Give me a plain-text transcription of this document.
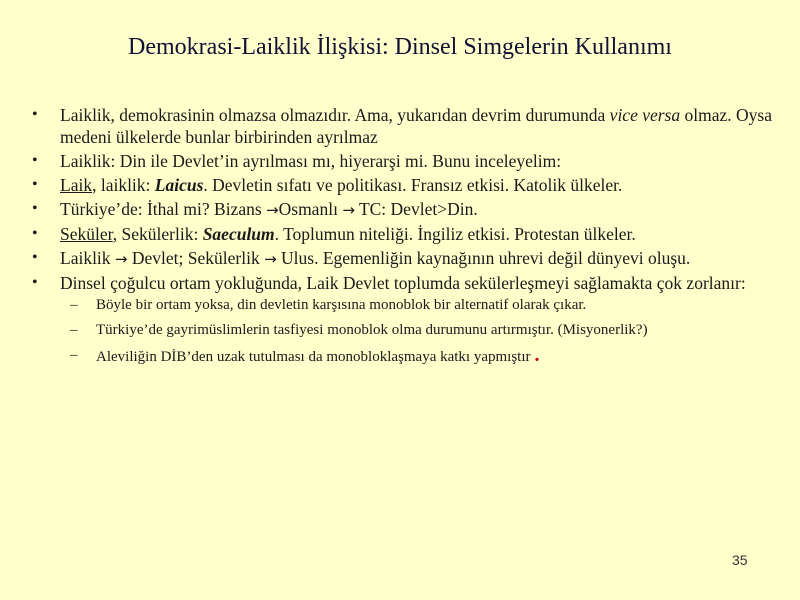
Demokrasi-Laiklik İlişkisi: Dinsel Simgelerin Kullanımı
• Laiklik, demokrasinin olmazsa olmazıdır. Ama, yukarıdan devrim durumunda vice versa olmaz. Oysa medeni ülkelerde bunlar birbirinden ayrılmaz
• Laiklik: Din ile Devlet’in ayrılması mı, hiyerarşi mi. Bunu inceleyelim:
• Laik, laiklik: Laicus. Devletin sıfatı ve politikası. Fransız etkisi. Katolik ülkeler.
• Türkiye’de: İthal mi? Bizans →Osmanlı → TC: Devlet>Din.
• Seküler, Sekülerlik: Saeculum. Toplumun niteliği. İngiliz etkisi. Protestan ülkeler.
• Laiklik → Devlet; Sekülerlik → Ulus. Egemenliğin kaynağının uhrevi değil dünyevi oluşu.
• Dinsel çoğulcu ortam yokluğunda, Laik Devlet toplumda sekülerleşmeyi sağlamakta çok zorlanır:
– Böyle bir ortam yoksa, din devletin karşısına monoblok bir alternatif olarak çıkar.
– Türkiye’de gayrimüslimlerin tasfiyesi monoblok olma durumunu artırmıştır. (Misyonerlik?)
– Aleviliğin DİB’den uzak tutulması da monobloklaşmaya katkı yapmıştır .
35
